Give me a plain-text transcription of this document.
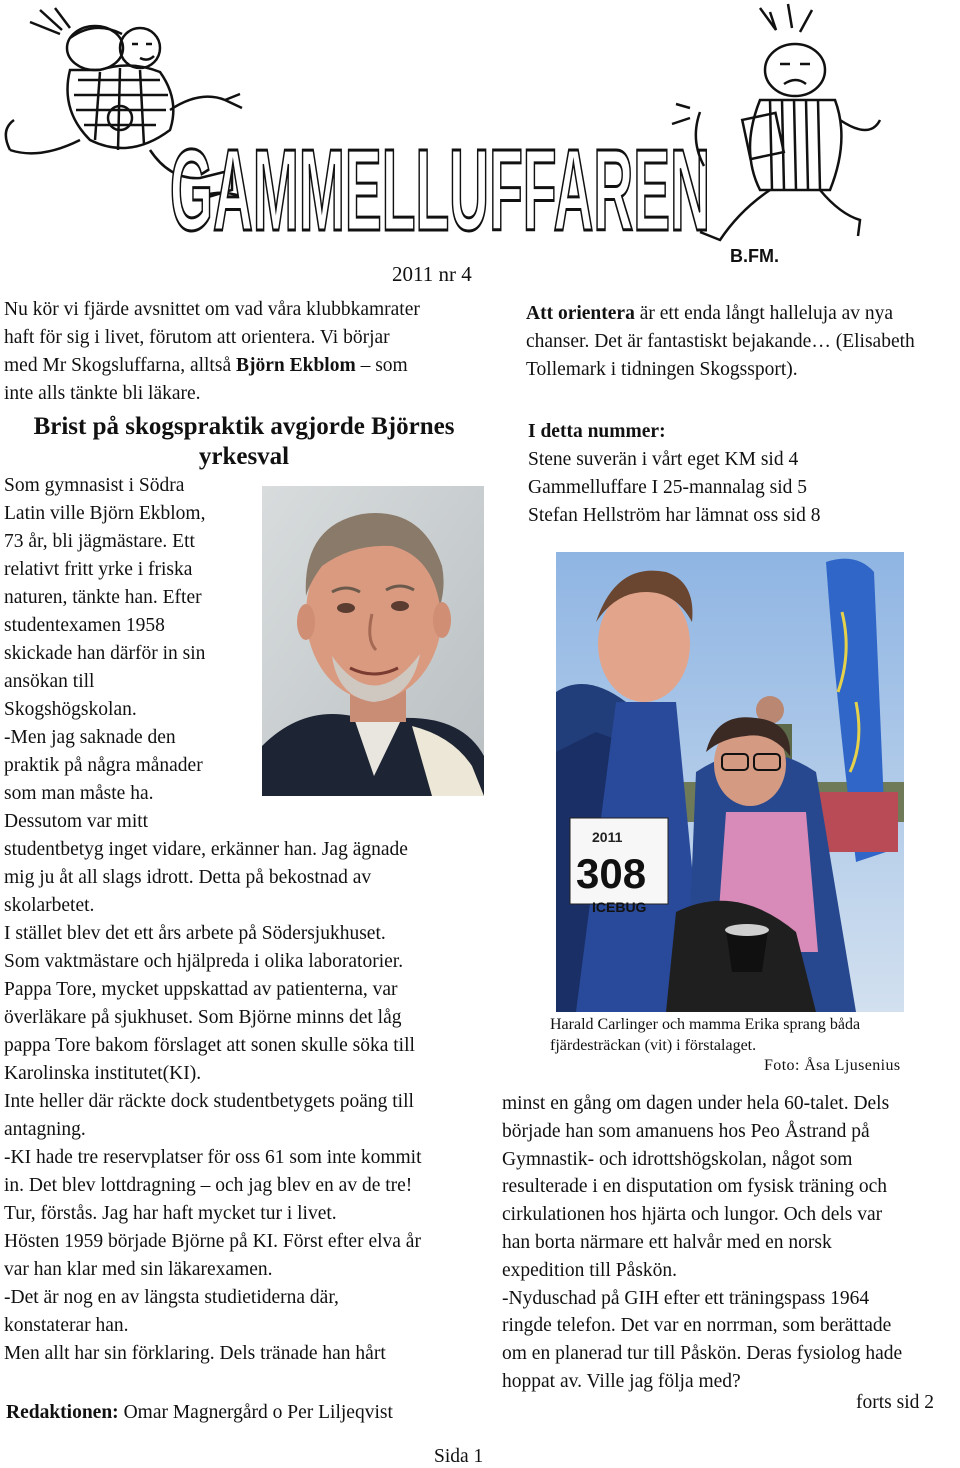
GAMMELLUFFAREN
B.FM.
2011 nr 4

Nu kör vi fjärde avsnittet om vad våra klubbkamrater

haft för sig i livet, förutom att orientera. Vi börjar

med Mr Skogsluffarna, alltså Björn Ekblom – som

inte alls tänkte bli läkare.

Brist på skogspraktik avgjorde Björnes
yrkesval

Som gymnasist i Södra

Latin ville Björn Ekblom,

73 år, bli jägmästare. Ett

relativt fritt yrke i friska

naturen, tänkte han. Efter

studentexamen 1958

skickade han därför in sin

ansökan till

Skogshögskolan.

-Men jag saknade den

praktik på några månader

som man måste ha.

Dessutom var mitt

studentbetyg inget vidare, erkänner han. Jag ägnade

mig ju åt all slags idrott. Detta på bekostnad av

skolarbetet.

I stället blev det ett års arbete på Södersjukhuset.

Som vaktmästare och hjälpreda i olika laboratorier.

Pappa Tore, mycket uppskattad av patienterna, var

överläkare på sjukhuset. Som Björne minns det låg

pappa Tore bakom förslaget att sonen skulle söka till

Karolinska institutet(KI).

Inte heller där räckte dock studentbetygets poäng till

antagning.

-KI hade tre reservplatser för oss 61 som inte kommit

in. Det blev lottdragning – och jag blev en av de tre!

Tur, förstås. Jag har haft mycket tur i livet.

Hösten 1959 började Björne på KI. Först efter elva år

var han klar med sin läkarexamen.

-Det är nog en av längsta studietiderna där,

konstaterar han.

Men allt har sin förklaring. Dels tränade han hårt

Att orientera är ett enda långt halleluja av nya chanser. Det är fantastiskt bejakande… (Elisabeth Tollemark i tidningen Skogssport).
I detta nummer:
Stene suverän i vårt eget KM sid 4
Gammelluffare I 25-mannalag sid 5
Stefan Hellström har lämnat oss sid 8
2011
308
ICEBUG
Harald Carlinger och mamma Erika sprang båda
fjärdesträckan (vit) i förstalaget.
Foto: Åsa Ljusenius

minst en gång om dagen under hela 60-talet. Dels

började han som amanuens hos Peo Åstrand på

Gymnastik- och idrottshögskolan, något som

resulterade i en disputation om fysisk träning och

cirkulationen hos hjärta och lungor. Och dels var

han borta närmare ett halvår med en norsk

expedition till Påskön.

-Nyduschad på GIH efter ett träningspass 1964

ringde telefon. Det var en norrman, som berättade

om en planerad tur till Påskön. Deras fysiolog hade

hoppat av. Ville jag följa med?

forts sid 2
Redaktionen: Omar Magnergård o Per Liljeqvist
Sida 1
